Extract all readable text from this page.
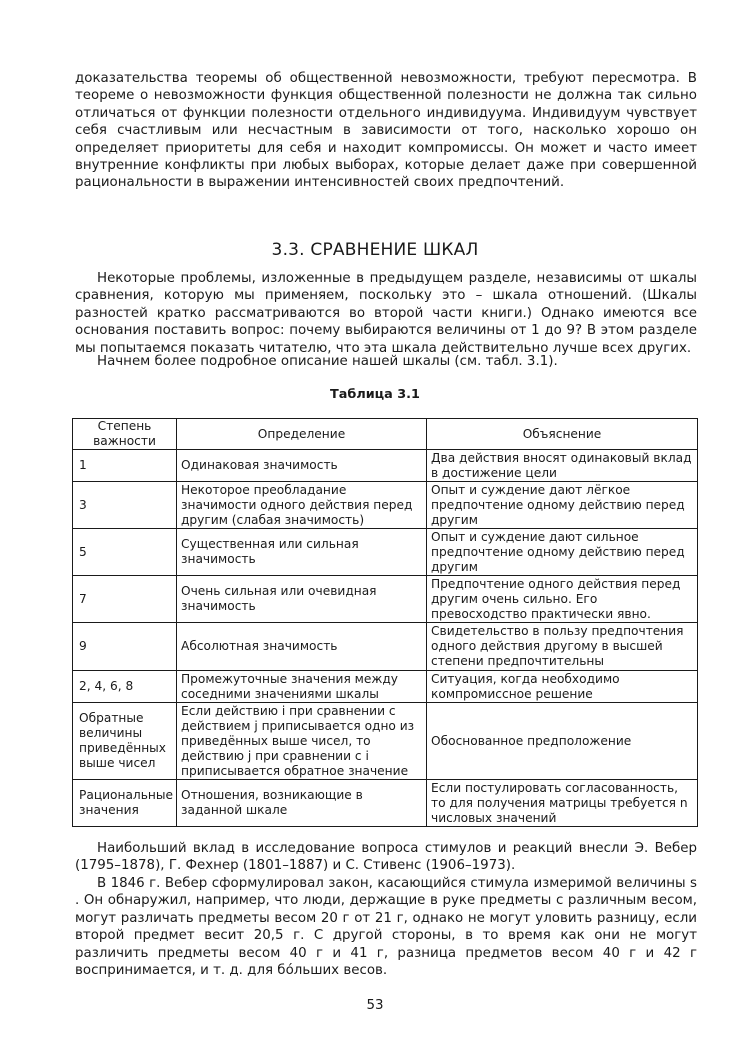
доказательства теоремы об общественной невозможности, требуют пересмотра. В теореме о невозможности функция общественной полезности не должна так сильно отличаться от функции полезности отдельного индивидуума. Индивидуум чувствует себя счастливым или несчастным в зависимости от того, насколько хорошо он определяет приоритеты для себя и находит компромиссы. Он может и часто имеет внутренние конфликты при любых выборах, которые делает даже при совершенной рациональности в выражении интенсивностей своих предпочтений.

3.3. СРАВНЕНИЕ ШКАЛ

Некоторые проблемы, изложенные в предыдущем разделе, независимы от шкалы сравнения, которую мы применяем, поскольку это – шкала отношений. (Шкалы разностей кратко рассматриваются во второй части книги.) Однако имеются все основания поставить вопрос: почему выбираются величины от 1 до 9? В этом разделе мы попытаемся показать читателю, что эта шкала действительно лучше всех других.

Начнем более подробное описание нашей шкалы (см. табл. 3.1).

Таблица 3.1

Степень важности	Определение	Объяснение
1	Одинаковая значимость	Два действия вносят одинаковый вклад в достижение цели
3	Некоторое преобладание значимости одного действия перед другим (слабая значимость)	Опыт и суждение дают лёгкое предпочтение одному действию перед другим
5	Существенная или сильная значимость	Опыт и суждение дают сильное предпочтение одному действию перед другим
7	Очень сильная или очевидная значимость	Предпочтение одного действия перед другим очень сильно. Его превосходство практически явно.
9	Абсолютная значимость	Свидетельство в пользу предпочтения одного действия другому в высшей степени предпочтительны
2, 4, 6, 8	Промежуточные значения между соседними значениями шкалы	Ситуация, когда необходимо компромиссное решение
Обратные величины приведённых выше чисел	Если действию i при сравнении с действием j приписывается одно из приведённых выше чисел, то действию j при сравнении с i приписывается обратное значение	Обоснованное предположение
Рациональные значения	Отношения, возникающие в заданной шкале	Если постулировать согласованность, то для получения матрицы требуется n числовых значений

Наибольший вклад в исследование вопроса стимулов и реакций внесли Э. Вебер (1795–1878), Г. Фехнер (1801–1887) и С. Стивенс (1906–1973).

В 1846 г. Вебер сформулировал закон, касающийся стимула измеримой величины s . Он обнаружил, например, что люди, держащие в руке предметы с различным весом, могут различать предметы весом 20 г от 21 г, однако не могут уловить разницу, если второй предмет весит 20,5 г. С другой стороны, в то время как они не могут различить предметы весом 40 г и 41 г, разница предметов весом 40 г и 42 г воспринимается, и т. д. для бóльших весов.

53
